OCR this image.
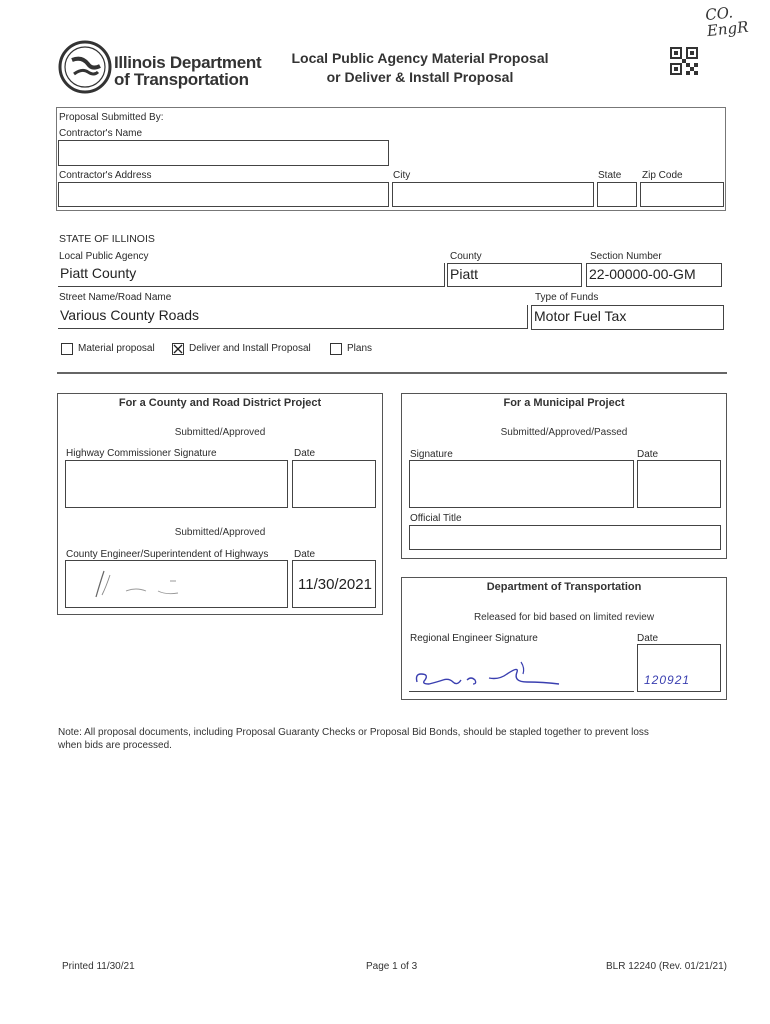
CO. EngR
Illinois Department
of Transportation
Local Public Agency Material Proposal
or Deliver & Install Proposal
Proposal Submitted By:
Contractor's Name
Contractor's Address	City	State Zip Code
STATE OF ILLINOIS
Local Public Agency	County	Section Number
Piatt County	Piatt	22-00000-00-GM
Street Name/Road Name	Type of Funds
Various County Roads	Motor Fuel Tax
Material proposal	Deliver and Install Proposal	Plans
For a County and Road District Project
Submitted/Approved
Highway Commissioner Signature	Date
Submitted/Approved
County Engineer/Superintendent of Highways	Date
11/30/2021
For a Municipal Project
Submitted/Approved/Passed
Signature	Date
Official Title
Department of Transportation
Released for bid based on limited review
Regional Engineer Signature	Date
120921
Note: All proposal documents, including Proposal Guaranty Checks or Proposal Bid Bonds, should be stapled together to prevent loss
when bids are processed.
Printed 11/30/21	Page 1 of 3	BLR 12240 (Rev. 01/21/21)
